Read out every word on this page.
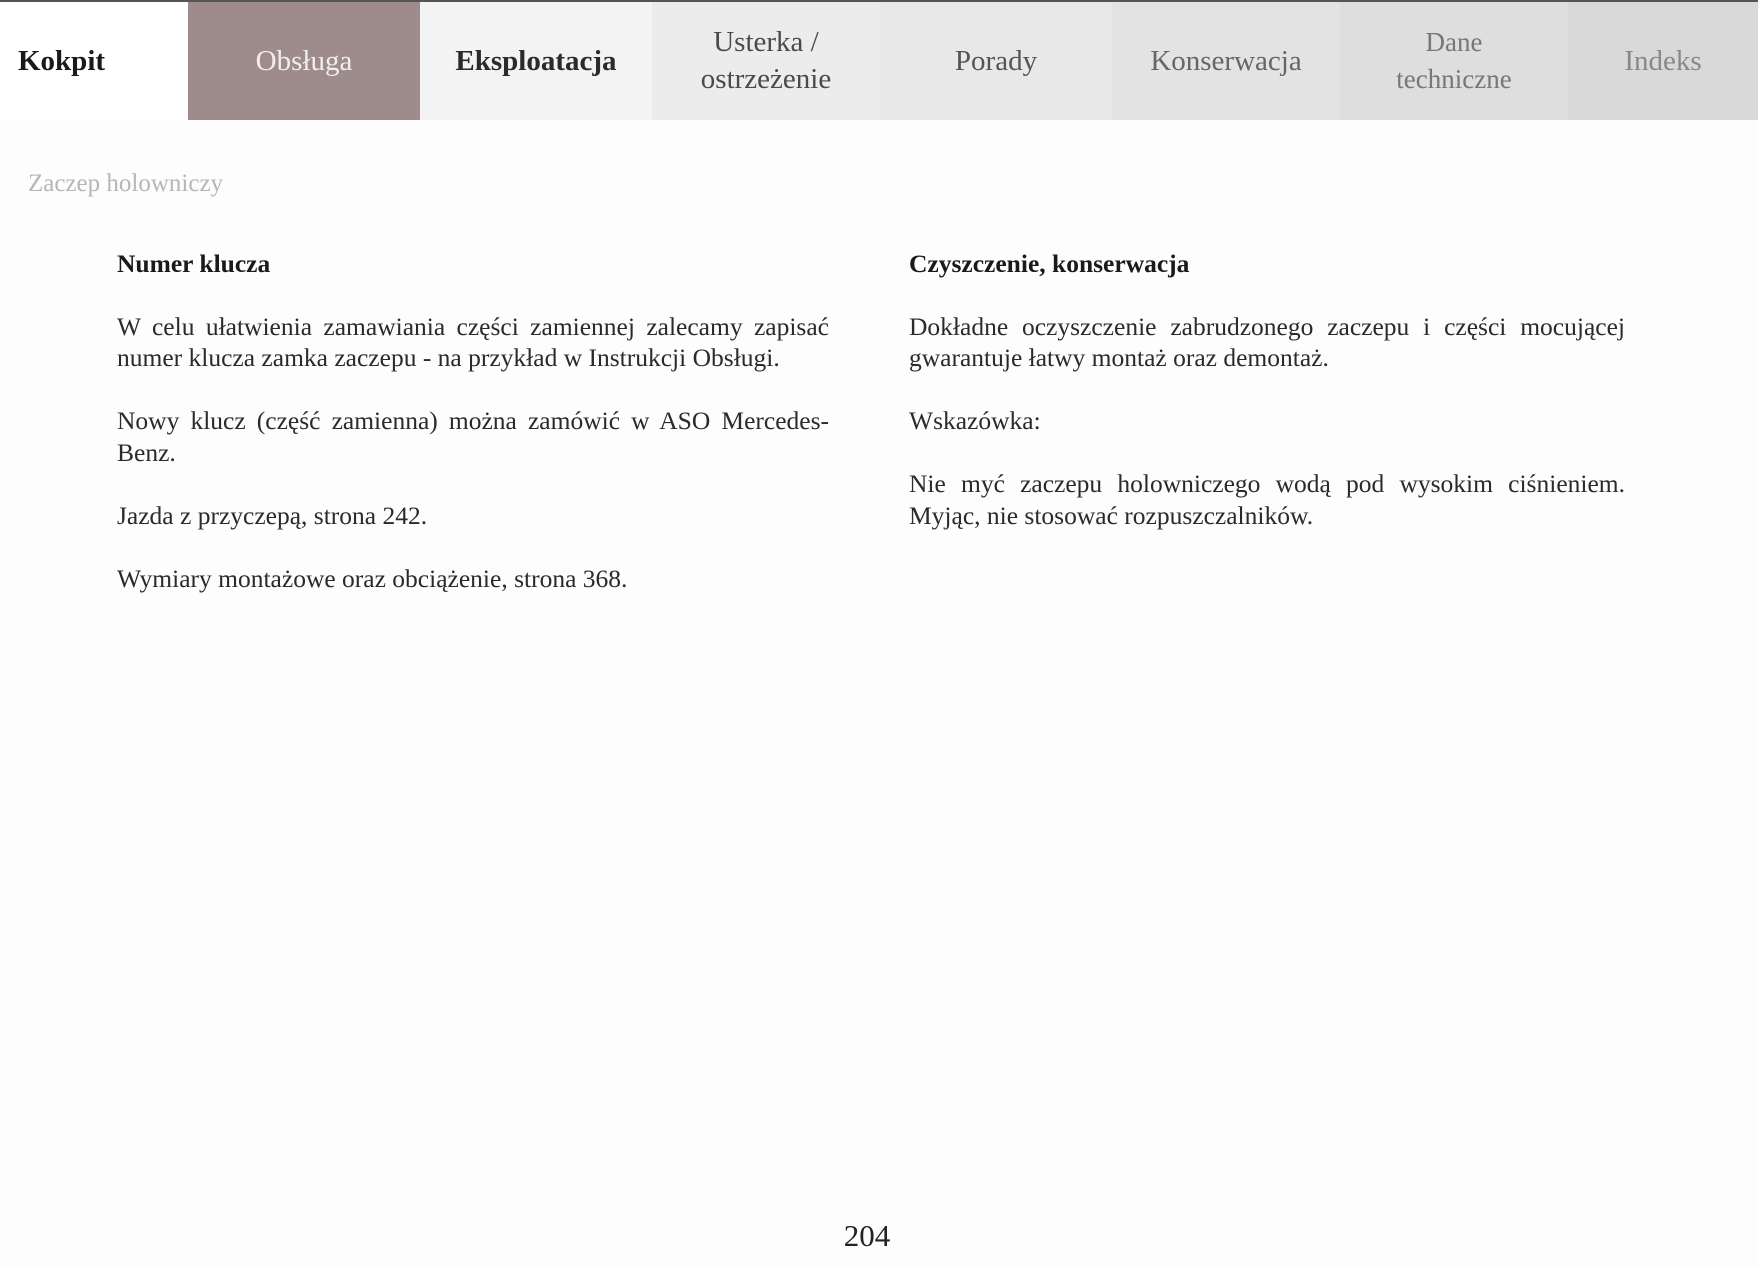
Kokpit	Obsługa	Eksploatacja
Usterka /
ostrzeżenie
Porady	Konserwacja
Dane
techniczne
Indeks
Zaczep holowniczy
Numer klucza

W celu ułatwienia zamawiania części zamiennej zalecamy zapisać numer klucza zamka zaczepu - na przykład w Instrukcji Obsługi.

Nowy klucz (część zamienna) można zamówić w ASO Mercedes-Benz.

Jazda z przyczepą, strona 242.

Wymiary montażowe oraz obciążenie, strona 368.

Czyszczenie, konserwacja

Dokładne oczyszczenie zabrudzonego zaczepu i części mocującej gwarantuje łatwy montaż oraz demontaż.

Wskazówka:

Nie myć zaczepu holowniczego wodą pod wysokim ciśnieniem. Myjąc, nie stosować rozpuszczalników.

204
